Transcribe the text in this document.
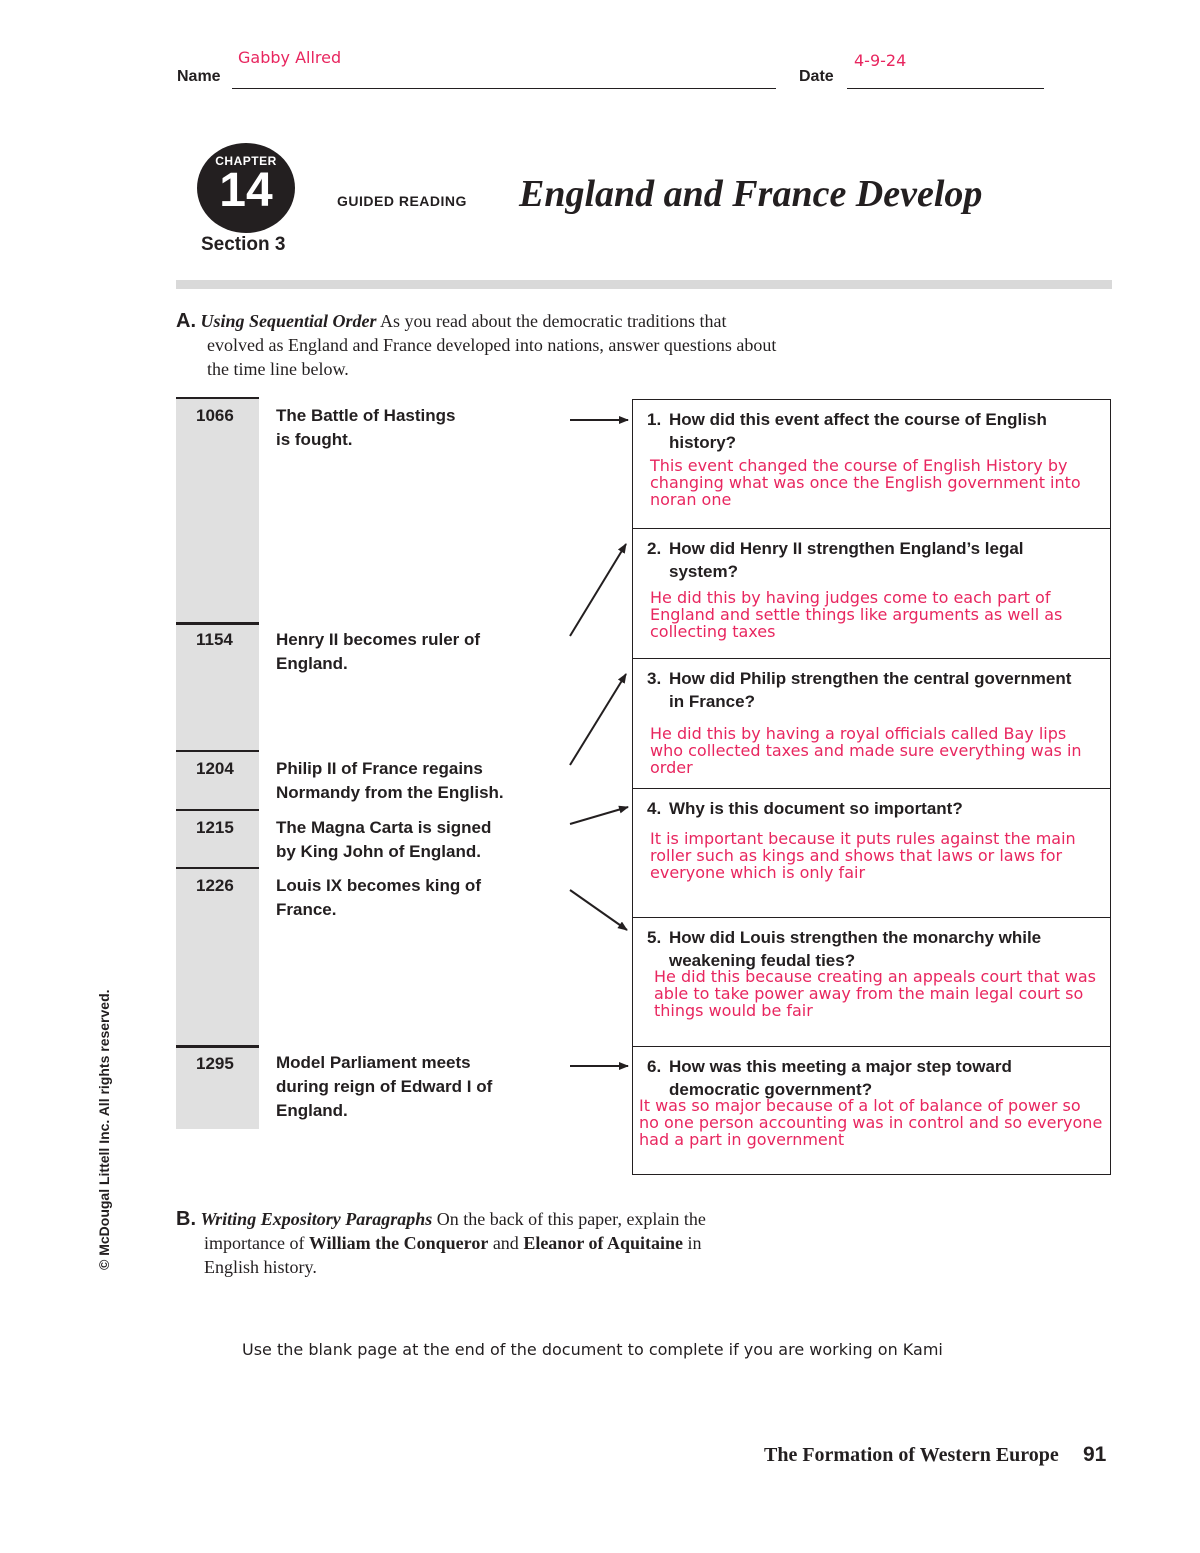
Gabby Allred
Name
4-9-24
Date
CHAPTER
14
Section 3
GUIDED READING England and France Develop
A. Using Sequential Order As you read about the democratic traditions that
evolved as England and France developed into nations, answer questions about
the time line below.
1066 The Battle of Hastings
is fought.
1154	Henry II becomes ruler of
England.
1204 Philip II of France regains
Normandy from the English.
1215 The Magna Carta is signed
by King John of England.
1226 Louis IX becomes king of
France.
1295 Model Parliament meets
during reign of Edward I of
England.
1. How did this event affect the course of English
history?
This event changed the course of English History by
changing what was once the English government into
noran one
2. How did Henry II strengthen England’s legal
system?
He did this by having judges come to each part of
England and settle things like arguments as well as
collecting taxes
3. How did Philip strengthen the central government
in France?
He did this by having a royal officials called Bay lips
who collected taxes and made sure everything was in
order
4. Why is this document so important?
It is important because it puts rules against the main
roller such as kings and shows that laws or laws for
everyone which is only fair
5. How did Louis strengthen the monarchy while
weakening feudal ties?
He did this because creating an appeals court that was
able to take power away from the main legal court so
things would be fair
6. How was this meeting a major step toward
democratic government?
It was so major because of a lot of balance of power so
no one person accounting was in control and so everyone
had a part in government
B. Writing Expository Paragraphs On the back of this paper, explain the
importance of William the Conqueror and Eleanor of Aquitaine in
English history.
Use the blank page at the end of the document to complete if you are working on Kami
© McDougal Littell Inc. All rights reserved.
The Formation of Western Europe 91
